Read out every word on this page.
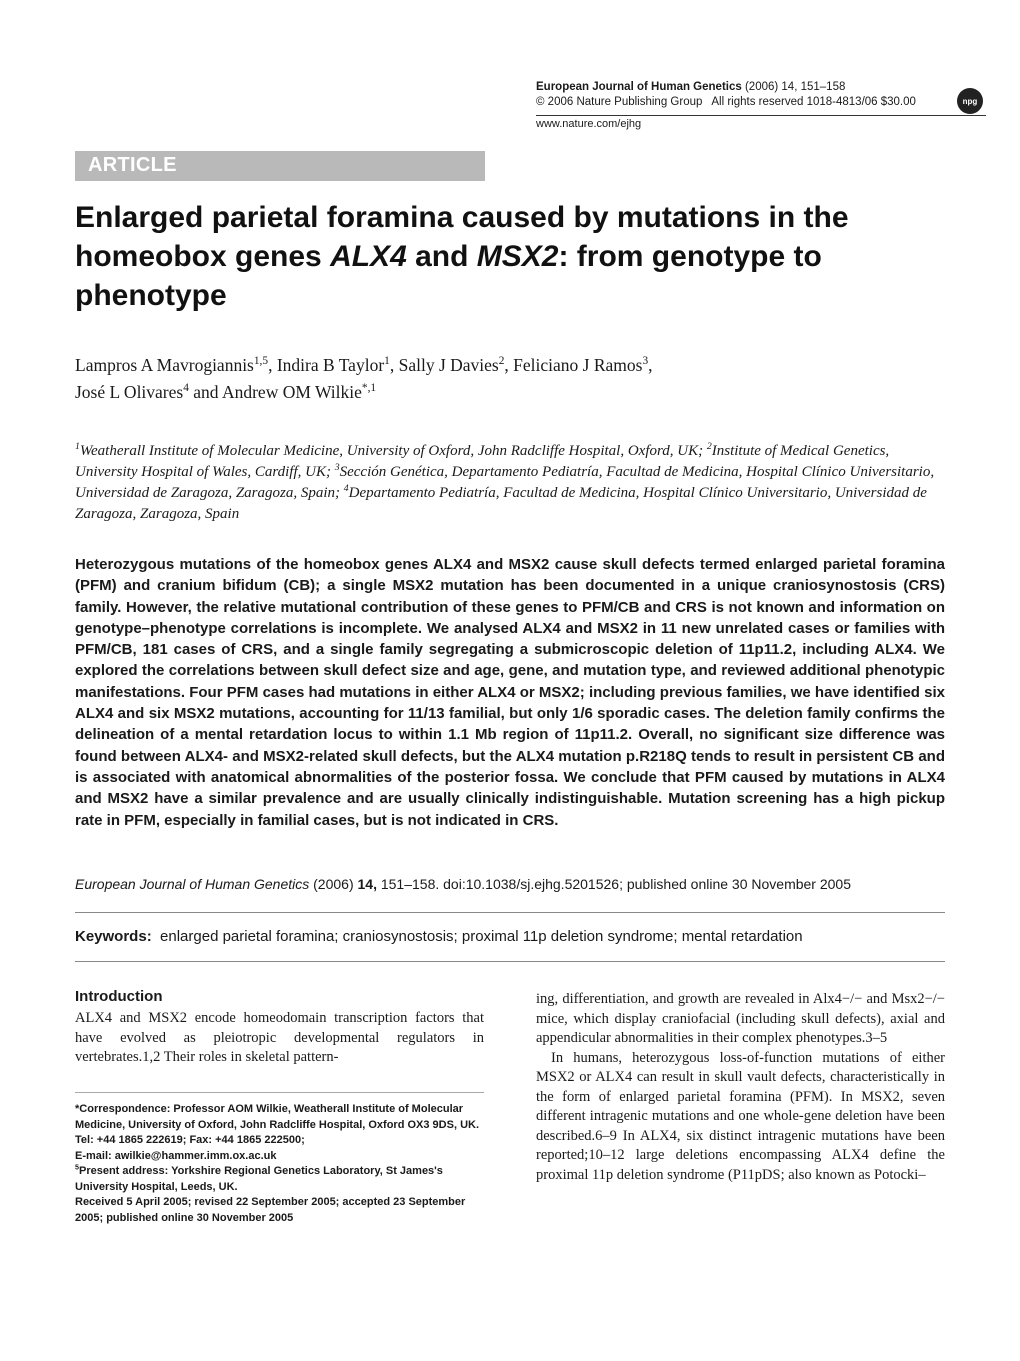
European Journal of Human Genetics (2006) 14, 151–158
© 2006 Nature Publishing Group All rights reserved 1018-4813/06 $30.00	npg
www.nature.com/ejhg
ARTICLE
Enlarged parietal foramina caused by mutations in the homeobox genes ALX4 and MSX2: from genotype to phenotype
Lampros A Mavrogiannis$^{1,5}$, Indira B Taylor$^1$, Sally J Davies$^2$, Feliciano J Ramos$^3$,
José L Olivares$^4$ and Andrew OM Wilkie$^{*,1}$
$^1$Weatherall Institute of Molecular Medicine, University of Oxford, John Radcliffe Hospital, Oxford, UK; $^2$Institute of Medical Genetics, University Hospital of Wales, Cardiff, UK; $^3$Sección Genética, Departamento Pediatría, Facultad de Medicina, Hospital Clínico Universitario, Universidad de Zaragoza, Zaragoza, Spain; $^4$Departamento Pediatría, Facultad de Medicina, Hospital Clínico Universitario, Universidad de Zaragoza, Zaragoza, Spain
Heterozygous mutations of the homeobox genes ALX4 and MSX2 cause skull defects termed enlarged parietal foramina (PFM) and cranium bifidum (CB); a single MSX2 mutation has been documented in a unique craniosynostosis (CRS) family. However, the relative mutational contribution of these genes to PFM/CB and CRS is not known and information on genotype–phenotype correlations is incomplete. We analysed ALX4 and MSX2 in 11 new unrelated cases or families with PFM/CB, 181 cases of CRS, and a single family segregating a submicroscopic deletion of 11p11.2, including ALX4. We explored the correlations between skull defect size and age, gene, and mutation type, and reviewed additional phenotypic manifestations. Four PFM cases had mutations in either ALX4 or MSX2; including previous families, we have identified six ALX4 and six MSX2 mutations, accounting for 11/13 familial, but only 1/6 sporadic cases. The deletion family confirms the delineation of a mental retardation locus to within 1.1 Mb region of 11p11.2. Overall, no significant size difference was found between ALX4- and MSX2-related skull defects, but the ALX4 mutation p.R218Q tends to result in persistent CB and is associated with anatomical abnormalities of the posterior fossa. We conclude that PFM caused by mutations in ALX4 and MSX2 have a similar prevalence and are usually clinically indistinguishable. Mutation screening has a high pickup rate in PFM, especially in familial cases, but is not indicated in CRS.
European Journal of Human Genetics (2006) 14, 151–158. doi:10.1038/sj.ejhg.5201526; published online 30 November 2005
Keywords: enlarged parietal foramina; craniosynostosis; proximal 11p deletion syndrome; mental retardation
Introduction

ALX4 and MSX2 encode homeodomain transcription factors that have evolved as pleiotropic developmental regulators in vertebrates.1,2 Their roles in skeletal pattern-

*Correspondence: Professor AOM Wilkie, Weatherall Institute of Molecular Medicine, University of Oxford, John Radcliffe Hospital, Oxford OX3 9DS, UK. Tel: +44 1865 222619; Fax: +44 1865 222500;
E-mail: awilkie@hammer.imm.ox.ac.uk
$^5$Present address: Yorkshire Regional Genetics Laboratory, St James's University Hospital, Leeds, UK.
Received 5 April 2005; revised 22 September 2005; accepted 23 September 2005; published online 30 November 2005

ing, differentiation, and growth are revealed in Alx4−/− and Msx2−/− mice, which display craniofacial (including skull defects), axial and appendicular abnormalities in their complex phenotypes.3–5

In humans, heterozygous loss-of-function mutations of either MSX2 or ALX4 can result in skull vault defects, characteristically in the form of enlarged parietal foramina (PFM). In MSX2, seven different intragenic mutations and one whole-gene deletion have been described.6–9 In ALX4, six distinct intragenic mutations have been reported;10–12 large deletions encompassing ALX4 define the proximal 11p deletion syndrome (P11pDS; also known as Potocki–
